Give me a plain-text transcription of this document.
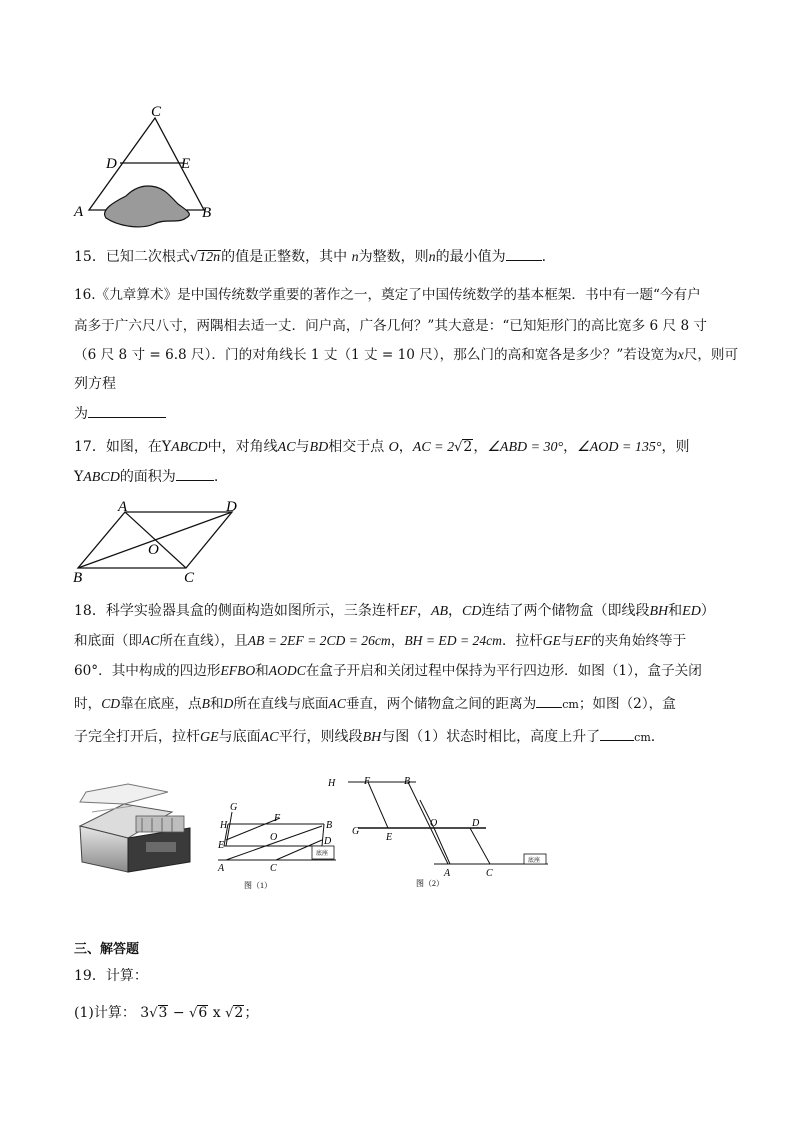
C
D	E
A	B
15．已知二次根式√12n的值是正整数，其中 n为整数，则n的最小值为	.
16.《九章算术》是中国传统数学重要的著作之一，奠定了中国传统数学的基本框架．书中有一题“今有户
高多于广六尺八寸，两隅相去适一丈．问户高，广各几何？”其大意是：“已知矩形门的高比宽多 6 尺 8 寸
（6 尺 8 寸 = 6.8 尺）．门的对角线长 1 丈（1 丈 = 10 尺），那么门的高和宽各是多少？”若设宽为x尺，则可
列方程
为
17．如图，在YABCD中，对角线AC与BD相交于点 O，AC = 2√2，∠ABD = 30°，∠AOD = 135°，则
YABCD的面积为	.
A	D
O
B	C
18．科学实验器具盒的侧面构造如图所示，三条连杆EF，AB，CD连结了两个储物盒（即线段BH和ED）
和底面（即AC所在直线），且AB = 2EF = 2CD = 26cm，BH = ED = 24cm．拉杆GE与EF的夹角始终等于
60°．其中构成的四边形EFBO和AODC在盒子开启和关闭过程中保持为平行四边形．如图（1），盒子关闭
时，CD靠在底座，点B和D所在直线与底面AC垂直，两个储物盒之间的距离为 cm；如图（2），盒
子完全打开后，拉杆GE与底面AC平行，则线段BH与图（1）状态时相比，高度上升了	cm.
底座
G
H
F
B
O
E	D
A	C
图（1）
底座
H	F	B
G
E
O	D
A	C
图（2）
三、解答题
19．计算：
(1)计算： 3√3 − √6 x √2；
